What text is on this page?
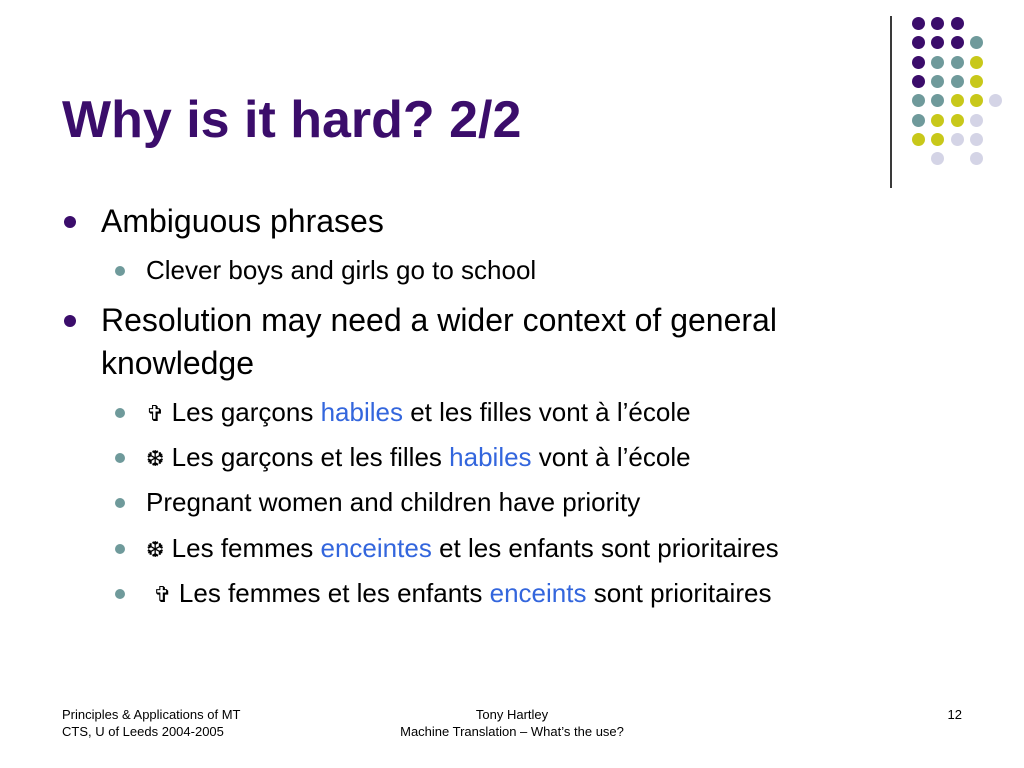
Why is it hard? 2/2
Ambiguous phrases
Clever boys and girls go to school
Resolution may need a wider context of general knowledge
✞ Les garçons habiles et les filles vont à l’école
❆ Les garçons et les filles habiles vont à l’école
Pregnant women and children have priority
❆ Les femmes enceintes et les enfants sont prioritaires
✞ Les femmes et les enfants enceints sont prioritaires
Principles & Applications of MT
CTS, U of Leeds 2004-2005
Tony Hartley
Machine Translation – What’s the use?
12
